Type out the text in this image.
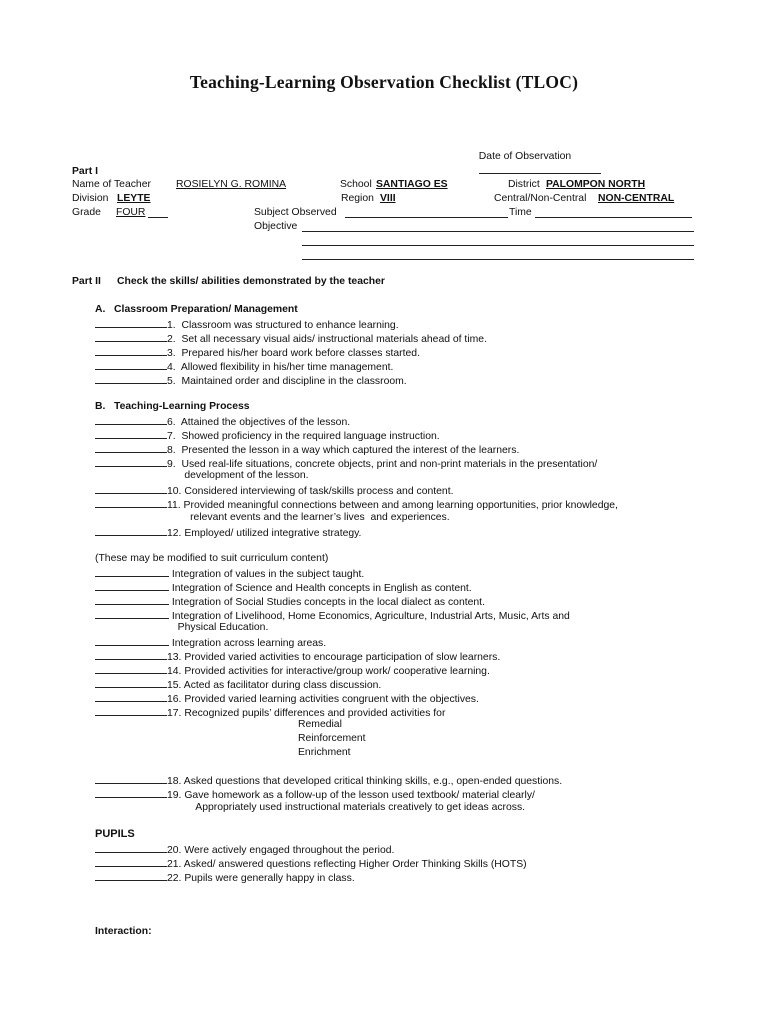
Teaching-Learning Observation Checklist (TLOC)

Date of Observation

Part I
Name of Teacher ROSIELYN G. ROMINA	School SANTIAGO ES	District PALOMPON NORTH
Division LEYTE	Region VIII	Central/Non-Central NON-CENTRAL
Grade FOUR	Subject Observed	Time
Objective
Part II Check the skills/ abilities demonstrated by the teacher
A.   Classroom Preparation/ Management
1.  Classroom was structured to enhance learning.
2.  Set all necessary visual aids/ instructional materials ahead of time.
3.  Prepared his/her board work before classes started.
4.  Allowed flexibility in his/her time management.
5.  Maintained order and discipline in the classroom.
B.   Teaching-Learning Process
6.  Attained the objectives of the lesson.
7.  Showed proficiency in the required language instruction.
8.  Presented the lesson in a way which captured the interest of the learners.
9.  Used real-life situations, concrete objects, print and non-print materials in the presentation/
development of the lesson.
10. Considered interviewing of task/skills process and content.
11. Provided meaningful connections between and among learning opportunities, prior knowledge,
relevant events and the learner’s lives  and experiences.
12. Employed/ utilized integrative strategy.
(These may be modified to suit curriculum content)
Integration of values in the subject taught.
Integration of Science and Health concepts in English as content.
Integration of Social Studies concepts in the local dialect as content.
Integration of Livelihood, Home Economics, Agriculture, Industrial Arts, Music, Arts and
Physical Education.
Integration across learning areas.
13. Provided varied activities to encourage participation of slow learners.
14. Provided activities for interactive/group work/ cooperative learning.
15. Acted as facilitator during class discussion.
16. Provided varied learning activities congruent with the objectives.
17. Recognized pupils’ differences and provided activities for
Remedial
Reinforcement
Enrichment
18. Asked questions that developed critical thinking skills, e.g., open-ended questions.
19. Gave homework as a follow-up of the lesson used textbook/ material clearly/
Appropriately used instructional materials creatively to get ideas across.
PUPILS
20. Were actively engaged throughout the period.
21. Asked/ answered questions reflecting Higher Order Thinking Skills (HOTS)
22. Pupils were generally happy in class.
Interaction:
